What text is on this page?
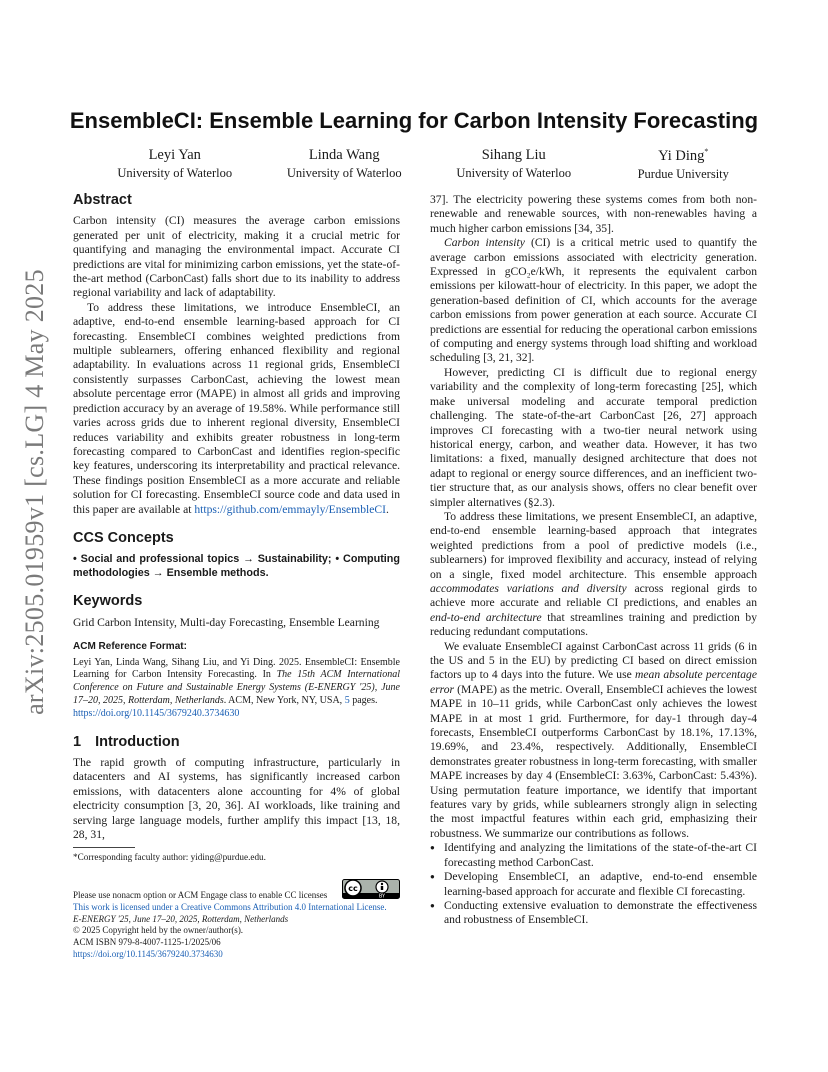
arXiv:2505.01959v1 [cs.LG] 4 May 2025
EnsembleCI: Ensemble Learning for Carbon Intensity Forecasting
Leyi Yan
University of Waterloo
Linda Wang
University of Waterloo
Sihang Liu
University of Waterloo
Yi Ding*
Purdue University
Abstract

Carbon intensity (CI) measures the average carbon emissions generated per unit of electricity, making it a crucial metric for quantifying and managing the environmental impact. Accurate CI predictions are vital for minimizing carbon emissions, yet the state-of-the-art method (CarbonCast) falls short due to its inability to address regional variability and lack of adaptability.

To address these limitations, we introduce EnsembleCI, an adaptive, end-to-end ensemble learning-based approach for CI forecasting. EnsembleCI combines weighted predictions from multiple sublearners, offering enhanced flexibility and regional adaptability. In evaluations across 11 regional grids, EnsembleCI consistently surpasses CarbonCast, achieving the lowest mean absolute percentage error (MAPE) in almost all grids and improving prediction accuracy by an average of 19.58%. While performance still varies across grids due to inherent regional diversity, EnsembleCI reduces variability and exhibits greater robustness in long-term forecasting compared to CarbonCast and identifies region-specific key features, underscoring its interpretability and practical relevance. These findings position EnsembleCI as a more accurate and reliable solution for CI forecasting. EnsembleCI source code and data used in this paper are available at https://github.com/emmayly/EnsembleCI.

CCS Concepts

• Social and professional topics → Sustainability; • Computing methodologies → Ensemble methods.

Keywords

Grid Carbon Intensity, Multi-day Forecasting, Ensemble Learning

ACM Reference Format:

Leyi Yan, Linda Wang, Sihang Liu, and Yi Ding. 2025. EnsembleCI: Ensemble Learning for Carbon Intensity Forecasting. In The 15th ACM International Conference on Future and Sustainable Energy Systems (E-ENERGY '25), June 17–20, 2025, Rotterdam, Netherlands. ACM, New York, NY, USA, 5 pages.
https://doi.org/10.1145/3679240.3734630

1 Introduction

The rapid growth of computing infrastructure, particularly in datacenters and AI systems, has significantly increased carbon emissions, with datacenters alone accounting for 4% of global electricity consumption [3, 20, 36]. AI workloads, like training and serving large language models, further amplify this impact [13, 18, 28, 31,

*Corresponding faculty author: yiding@purdue.edu.
Please use nonacm option or ACM Engage class to enable CC licenses
This work is licensed under a Creative Commons Attribution 4.0 International License.
E-ENERGY '25, June 17–20, 2025, Rotterdam, Netherlands
© 2025 Copyright held by the owner/author(s).
ACM ISBN 979-8-4007-1125-1/2025/06
https://doi.org/10.1145/3679240.3734630
cc
BY

37]. The electricity powering these systems comes from both non-renewable and renewable sources, with non-renewables having a much higher carbon emissions [34, 35].

Carbon intensity (CI) is a critical metric used to quantify the average carbon emissions associated with electricity generation. Expressed in gCO₂e/kWh, it represents the equivalent carbon emissions per kilowatt-hour of electricity. In this paper, we adopt the generation-based definition of CI, which accounts for the average carbon emissions from power generation at each source. Accurate CI predictions are essential for reducing the operational carbon emissions of computing and energy systems through load shifting and workload scheduling [3, 21, 32].

However, predicting CI is difficult due to regional energy variability and the complexity of long-term forecasting [25], which make universal modeling and accurate temporal prediction challenging. The state-of-the-art CarbonCast [26, 27] approach improves CI forecasting with a two-tier neural network using historical energy, carbon, and weather data. However, it has two limitations: a fixed, manually designed architecture that does not adapt to regional or energy source differences, and an inefficient two-tier structure that, as our analysis shows, offers no clear benefit over simpler alternatives (§2.3).

To address these limitations, we present EnsembleCI, an adaptive, end-to-end ensemble learning-based approach that integrates weighted predictions from a pool of predictive models (i.e., sublearners) for improved flexibility and accuracy, instead of relying on a single, fixed model architecture. This ensemble approach accommodates variations and diversity across regional girds to achieve more accurate and reliable CI predictions, and enables an end-to-end architecture that streamlines training and prediction by reducing redundant computations.

We evaluate EnsembleCI against CarbonCast across 11 grids (6 in the US and 5 in the EU) by predicting CI based on direct emission factors up to 4 days into the future. We use mean absolute percentage error (MAPE) as the metric. Overall, EnsembleCI achieves the lowest MAPE in 10–11 grids, while CarbonCast only achieves the lowest MAPE in at most 1 grid. Furthermore, for day-1 through day-4 forecasts, EnsembleCI outperforms CarbonCast by 18.1%, 17.13%, 19.69%, and 23.4%, respectively. Additionally, EnsembleCI demonstrates greater robustness in long-term forecasting, with smaller MAPE increases by day 4 (EnsembleCI: 3.63%, CarbonCast: 5.43%). Using permutation feature importance, we identify that important features vary by grids, while sublearners strongly align in selecting the most impactful features within each grid, emphasizing their robustness. We summarize our contributions as follows.

● Identifying and analyzing the limitations of the state-of-the-art CI forecasting method CarbonCast.
● Developing EnsembleCI, an adaptive, end-to-end ensemble learning-based approach for accurate and flexible CI forecasting.
● Conducting extensive evaluation to demonstrate the effectiveness and robustness of EnsembleCI.
